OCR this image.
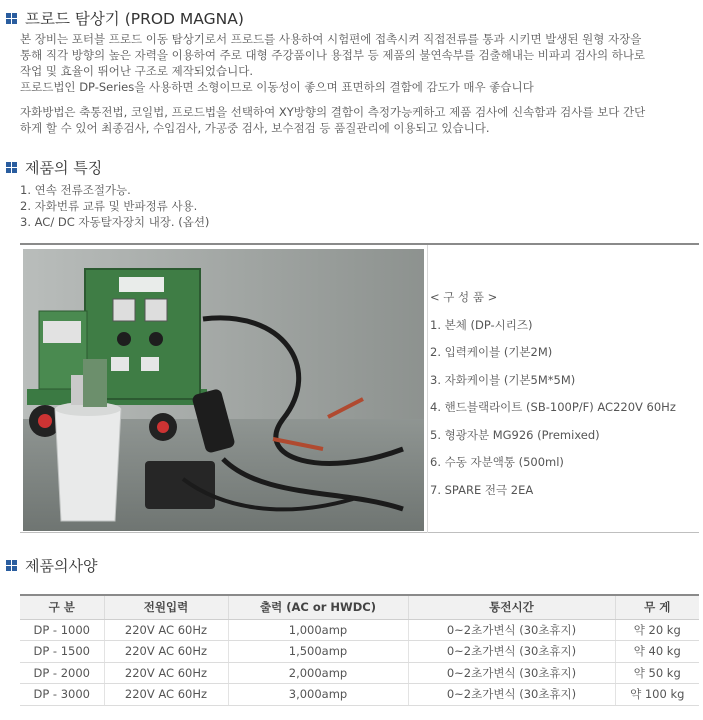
프로드 탐상기 (PROD MAGNA)
본 장비는 포터블 프로드 이동 탐상기로서 프로드를 사용하여 시험편에 접촉시켜 직접전류를 통과 시키면 발생된 원형 자장을
통해 직각 방향의 높은 자력을 이용하여 주로 대형 주강품이나 용접부 등 제품의 불연속부를 검출해내는 비파괴 검사의 하나로
작업 및 효율이 뛰어난 구조로 제작되었습니다.
프로드법인 DP-Series을 사용하면 소형이므로 이동성이 좋으며 표면하의 결함에 감도가 매우 좋습니다
자화방법은 축통전법, 코일법, 프로드법을 선택하여 XY방향의 결함이 측정가능케하고 제품 검사에 신속함과 검사를 보다 간단
하게 할 수 있어 최종검사, 수입검사, 가공중 검사, 보수점검 등 품질관리에 이용되고 있습니다.
제품의 특징
1. 연속 전류조절가능.
2. 자화번류 교류 및 반파정류 사용.
3. AC/ DC 자동탈자장치 내장. (옵션)
< 구 성 품 >
1. 본체 (DP-시리즈)
2. 입력케이블 (기본2M)
3. 자화케이블 (기본5M*5M)
4. 핸드블랙라이트 (SB-100P/F) AC220V 60Hz
5. 형광자분 MG926 (Premixed)
6. 수동 자분액통 (500ml)
7. SPARE 전극 2EA
제품의사양
구 분	전원입력	출력 (AC or HWDC)	통전시간	무 게
DP - 1000	220V AC 60Hz	1,000amp	0~2초가변식 (30초휴지)	약 20 kg
DP - 1500	220V AC 60Hz	1,500amp	0~2초가변식 (30초휴지)	약 40 kg
DP - 2000	220V AC 60Hz	2,000amp	0~2초가변식 (30초휴지)	약 50 kg
DP - 3000	220V AC 60Hz	3,000amp	0~2초가변식 (30초휴지)	약 100 kg
